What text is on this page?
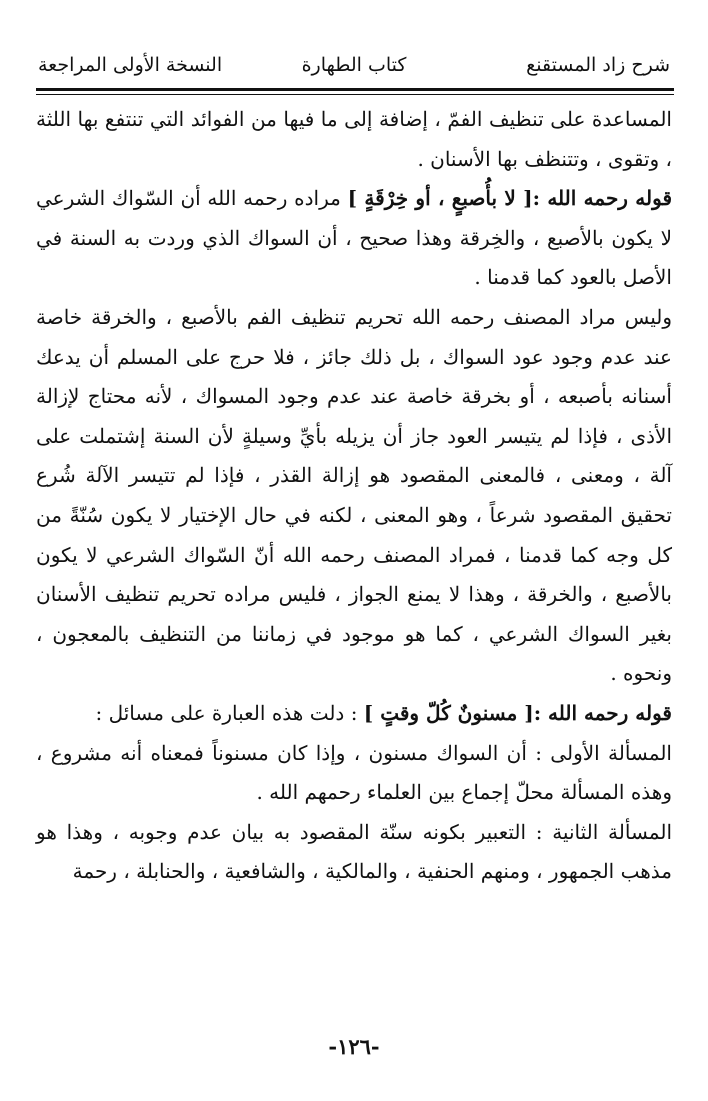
شرح زاد المستقنع
كتاب الطهارة
النسخة الأولى المراجعة

المساعدة على تنظيف الفمّ ، إضافة إلى ما فيها من الفوائد التي تنتفع بها اللثة ، وتقوى ، وتتنظف بها الأسنان .

قوله رحمه الله :[ لا بأُصبعٍ ، أو خِرْقَةٍ ] مراده رحمه الله أن السّواك الشرعي لا يكون بالأصبع ، والخِرقة وهذا صحيح ، أن السواك الذي وردت به السنة في الأصل بالعود كما قدمنا .

وليس مراد المصنف رحمه الله تحريم تنظيف الفم بالأصبع ، والخرقة خاصة عند عدم وجود عود السواك ، بل ذلك جائز ، فلا حرج على المسلم أن يدعك أسنانه بأصبعه ، أو بخرقة خاصة عند عدم وجود المسواك ، لأنه محتاج لإزالة الأذى ، فإذا لم يتيسر العود جاز أن يزيله بأيِّ وسيلةٍ لأن السنة إشتملت على آلة ، ومعنى ، فالمعنى المقصود هو إزالة القذر ، فإذا لم تتيسر الآلة شُرع تحقيق المقصود شرعاً ، وهو المعنى ، لكنه في حال الإختيار لا يكون سُنّةً من كل وجه كما قدمنا ، فمراد المصنف رحمه الله أنّ السّواك الشرعي لا يكون بالأصبع ، والخرقة ، وهذا لا يمنع الجواز ، فليس مراده تحريم تنظيف الأسنان بغير السواك الشرعي ، كما هو موجود في زماننا من التنظيف بالمعجون ، ونحوه .

قوله رحمه الله :[ مسنونٌ كُلّ وقتٍ ] : دلت هذه العبارة على مسائل :

المسألة الأولى : أن السواك مسنون ، وإذا كان مسنوناً فمعناه أنه مشروع ، وهذه المسألة محلّ إجماع بين العلماء رحمهم الله .

المسألة الثانية : التعبير بكونه سنّة المقصود به بيان عدم وجوبه ، وهذا هو مذهب الجمهور ، ومنهم الحنفية ، والمالكية ، والشافعية ، والحنابلة ، رحمة

-١٢٦-
